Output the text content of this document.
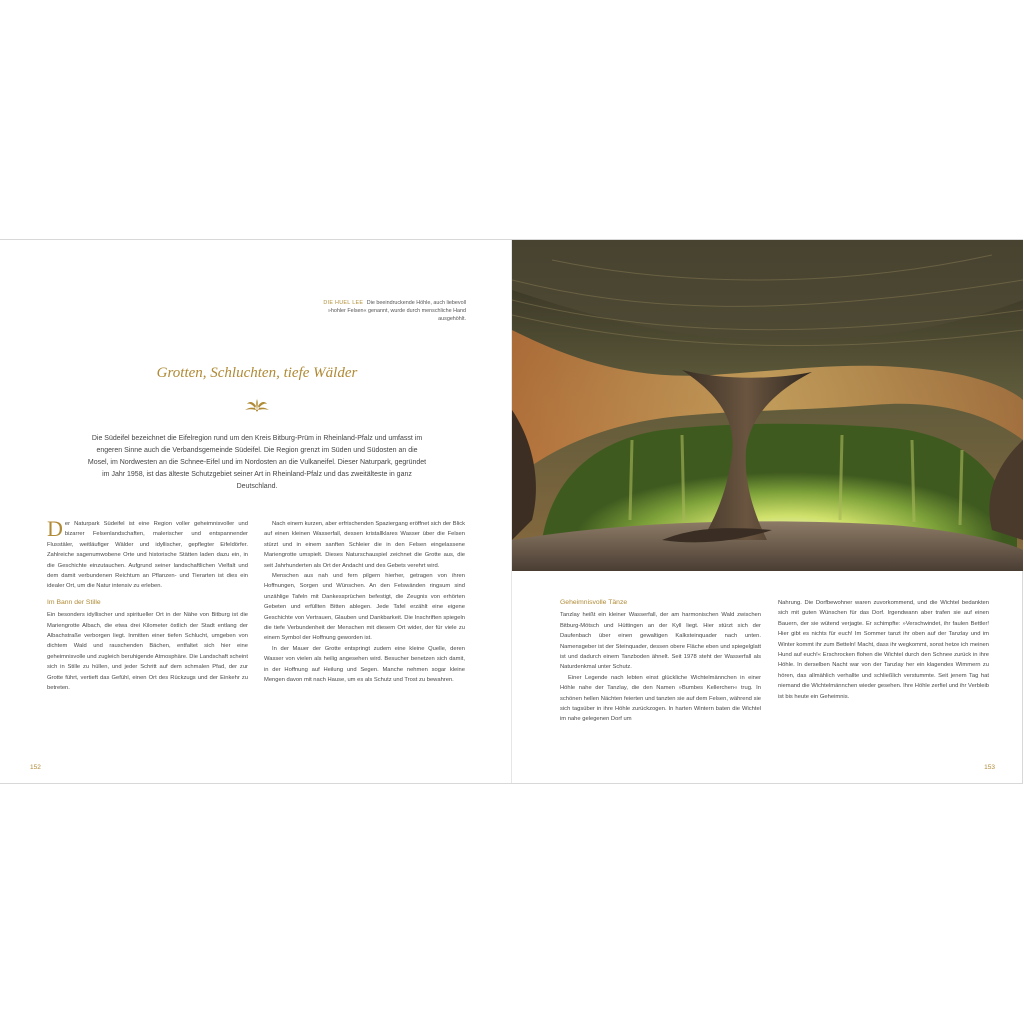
DIE HUEL LEE Die beeindruckende Höhle, auch liebevoll »hohler Felsen« genannt, wurde durch menschliche Hand ausgehöhlt.
Grotten, Schluchten, tiefe Wälder
Die Südeifel bezeichnet die Eifelregion rund um den Kreis Bitburg-Prüm in Rheinland-Pfalz und umfasst im engeren Sinne auch die Verbandsgemeinde Südeifel. Die Region grenzt im Süden und Südosten an die Mosel, im Nordwesten an die Schnee-Eifel und im Nordosten an die Vulkaneifel. Dieser Naturpark, gegründet im Jahr 1958, ist das älteste Schutzgebiet seiner Art in Rheinland-Pfalz und das zweitälteste in ganz Deutschland.

D er Naturpark Südeifel ist eine Region voller geheimnisvoller und bizarrer Felsenlandschaften, malerischer und entspannender Flusstäler, weitläufiger Wälder und idyllischer, gepflegter Eifeldörfer. Zahlreiche sagenumwobene Orte und historische Stätten laden dazu ein, in die Geschichte einzutauchen. Aufgrund seiner landschaftlichen Vielfalt und dem damit verbundenen Reichtum an Pflanzen- und Tierarten ist dies ein idealer Ort, um die Natur intensiv zu erleben.

Im Bann der Stille

Ein besonders idyllischer und spiritueller Ort in der Nähe von Bitburg ist die Mariengrotte Albach, die etwa drei Kilometer östlich der Stadt entlang der Albachstraße verborgen liegt. Inmitten einer tiefen Schlucht, umgeben von dichtem Wald und rauschenden Bächen, entfaltet sich hier eine geheimnisvolle und zugleich beruhigende Atmosphäre. Die Landschaft scheint sich in Stille zu hüllen, und jeder Schritt auf dem schmalen Pfad, der zur Grotte führt, vertieft das Gefühl, einen Ort des Rückzugs und der Einkehr zu betreten.

Nach einem kurzen, aber erfrischenden Spaziergang eröffnet sich der Blick auf einen kleinen Wasserfall, dessen kristallklares Wasser über die Felsen stürzt und in einem sanften Schleier die in den Felsen eingelassene Mariengrotte umspielt. Dieses Naturschauspiel zeichnet die Grotte aus, die seit Jahrhunderten als Ort der Andacht und des Gebets verehrt wird.

Menschen aus nah und fern pilgern hierher, getragen von ihren Hoffnungen, Sorgen und Wünschen. An den Felswänden ringsum sind unzählige Tafeln mit Dankessprüchen befestigt, die Zeugnis von erhörten Gebeten und erfüllten Bitten ablegen. Jede Tafel erzählt eine eigene Geschichte von Vertrauen, Glauben und Dankbarkeit. Die Inschriften spiegeln die tiefe Verbundenheit der Menschen mit diesem Ort wider, der für viele zu einem Symbol der Hoffnung geworden ist.

In der Mauer der Grotte entspringt zudem eine kleine Quelle, deren Wasser von vielen als heilig angesehen wird. Besucher benetzen sich damit, in der Hoffnung auf Heilung und Segen. Manche nehmen sogar kleine Mengen davon mit nach Hause, um es als Schutz und Trost zu bewahren.

152
Geheimnisvolle Tänze

Tanzlay heißt ein kleiner Wasserfall, der am harmonischen Wald zwischen Bitburg-Mötsch und Hüttingen an der Kyll liegt. Hier stürzt sich der Daufenbach über einen gewaltigen Kalksteinquader nach unten. Namensgeber ist der Steinquader, dessen obere Fläche eben und spiegelglatt ist und dadurch einem Tanzboden ähnelt. Seit 1978 steht der Wasserfall als Naturdenkmal unter Schutz.

Einer Legende nach lebten einst glückliche Wichtelmännchen in einer Höhle nahe der Tanzlay, die den Namen »Bumbes Kellerchen« trug. In schönen hellen Nächten feierten und tanzten sie auf dem Felsen, während sie sich tagsüber in ihre Höhle zurückzogen. In harten Wintern baten die Wichtel im nahe gelegenen Dorf um

Nahrung. Die Dorfbewohner waren zuvorkommend, und die Wichtel bedankten sich mit guten Wünschen für das Dorf. Irgendwann aber trafen sie auf einen Bauern, der sie wütend verjagte. Er schimpfte: »Verschwindet, ihr faulen Bettler! Hier gibt es nichts für euch! Im Sommer tanzt ihr oben auf der Tanzlay und im Winter kommt ihr zum Betteln! Macht, dass ihr wegkommt, sonst hetze ich meinen Hund auf euch!« Erschrocken flohen die Wichtel durch den Schnee zurück in ihre Höhle. In derselben Nacht war von der Tanzlay her ein klagendes Wimmern zu hören, das allmählich verhallte und schließlich verstummte. Seit jenem Tag hat niemand die Wichtelmännchen wieder gesehen. Ihre Höhle zerfiel und ihr Verbleib ist bis heute ein Geheimnis.

153
